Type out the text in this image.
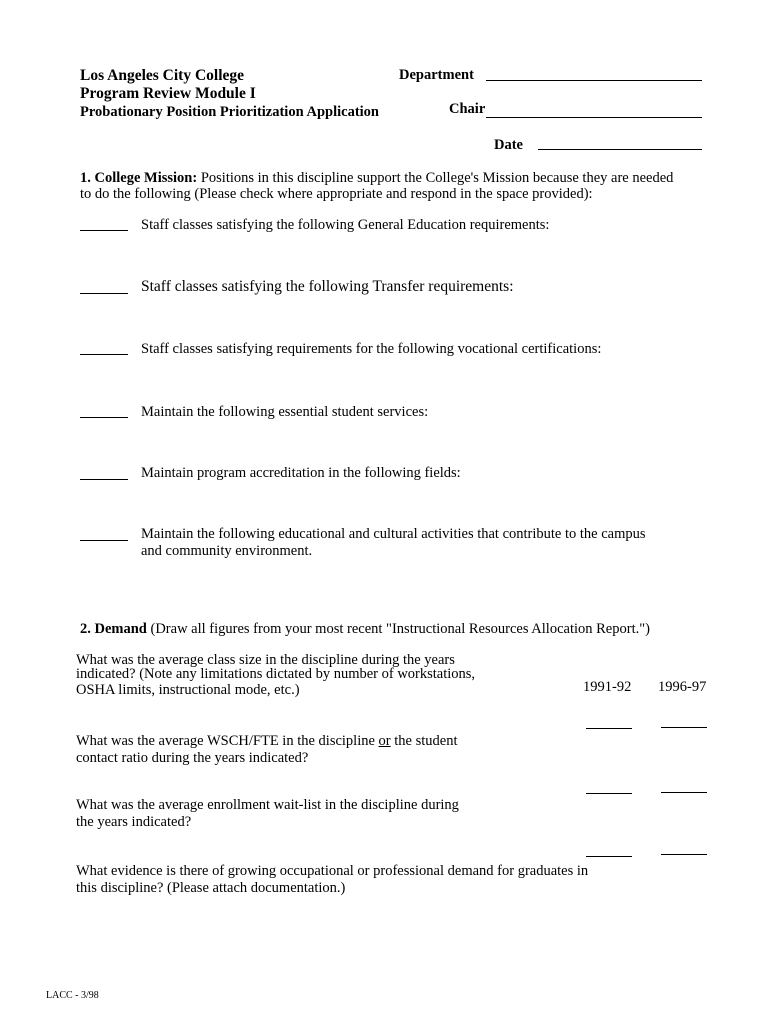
Los Angeles City College
Program Review Module I
Probationary Position Prioritization Application
Department
Chair
Date
1. College Mission: Positions in this discipline support the College's Mission because they are needed
to do the following (Please check where appropriate and respond in the space provided):
Staff classes satisfying the following General Education requirements:
Staff classes satisfying the following Transfer requirements:
Staff classes satisfying requirements for the following vocational certifications:
Maintain the following essential student services:
Maintain program accreditation in the following fields:
Maintain the following educational and cultural activities that contribute to the campus
and community environment.
2. Demand (Draw all figures from your most recent "Instructional Resources Allocation Report.")
What was the average class size in the discipline during the years
indicated? (Note any limitations dictated by number of workstations,
OSHA limits, instructional mode, etc.)	1991-92 1996-97
What was the average WSCH/FTE in the discipline or the student
contact ratio during the years indicated?
What was the average enrollment wait-list in the discipline during
the years indicated?
What evidence is there of growing occupational or professional demand for graduates in
this discipline? (Please attach documentation.)
LACC - 3/98
